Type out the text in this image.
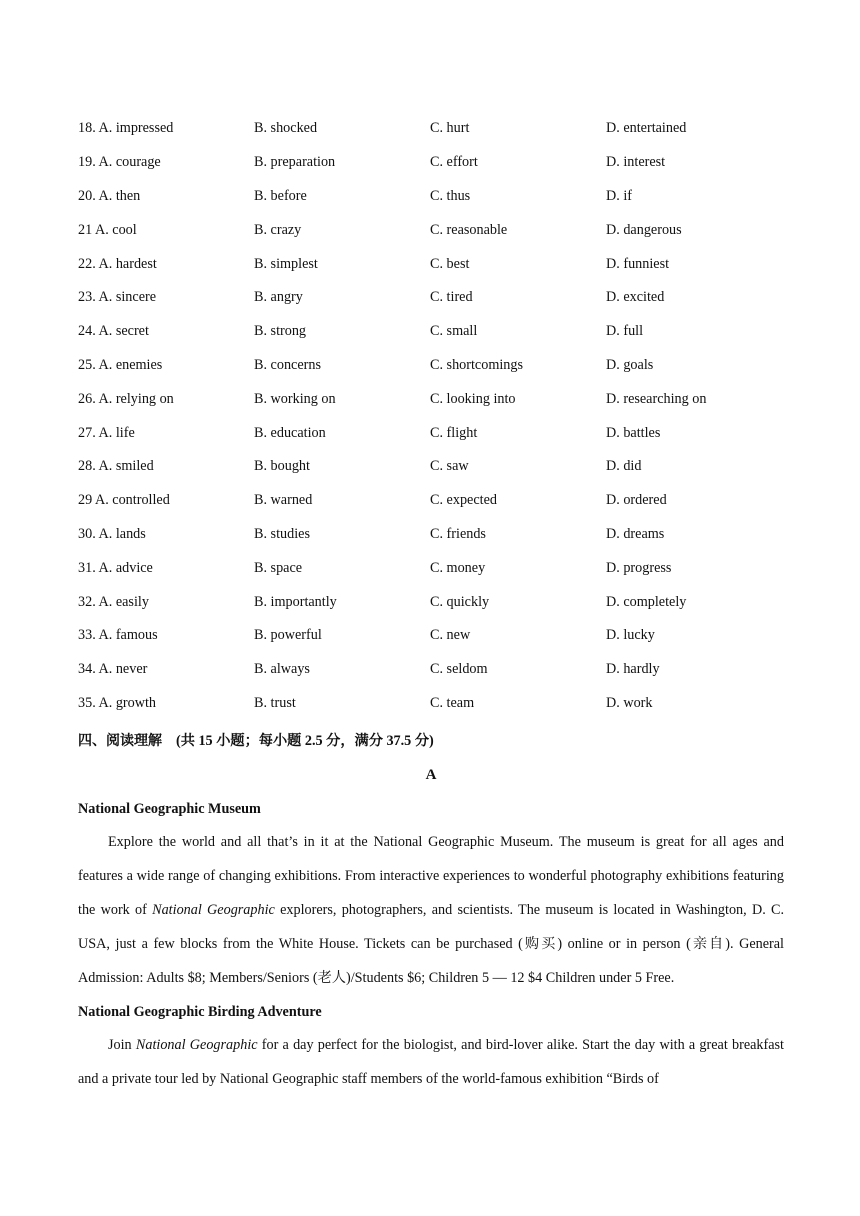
18. A. impressed	B. shocked	C. hurt	D. entertained
19. A. courage	B. preparation	C. effort	D. interest
20. A. then	B. before	C. thus	D. if
21 A. cool	B. crazy	C. reasonable	D. dangerous
22. A. hardest	B. simplest	C. best	D. funniest
23. A. sincere	B. angry	C. tired	D. excited
24. A. secret	B. strong	C. small	D. full
25. A. enemies	B. concerns	C. shortcomings	D. goals
26. A. relying on	B. working on	C. looking into	D. researching on
27. A. life	B. education	C. flight	D. battles
28. A. smiled	B. bought	C. saw	D. did
29 A. controlled	B. warned	C. expected	D. ordered
30. A. lands	B. studies	C. friends	D. dreams
31. A. advice	B. space	C. money	D. progress
32. A. easily	B. importantly	C. quickly	D. completely
33. A. famous	B. powerful	C. new	D. lucky
34. A. never	B. always	C. seldom	D. hardly
35. A. growth	B. trust	C. team	D. work
四、阅读理解 (共 15 小题；每小题 2.5 分，满分 37.5 分)
A
National Geographic Museum

Explore the world and all that’s in it at the National Geographic Museum. The museum is great for all ages and features a wide range of changing exhibitions. From interactive experiences to wonderful photography exhibitions featuring the work of National Geographic explorers, photographers, and scientists. The museum is located in Washington, D. C. USA, just a few blocks from the White House. Tickets can be purchased (购买) online or in person (亲自). General Admission: Adults $8; Members/Seniors (老人)/Students $6; Children 5 — 12 $4 Children under 5 Free.

National Geographic Birding Adventure

Join National Geographic for a day perfect for the biologist, and bird-lover alike. Start the day with a great breakfast and a private tour led by National Geographic staff members of the world-famous exhibition “Birds of
